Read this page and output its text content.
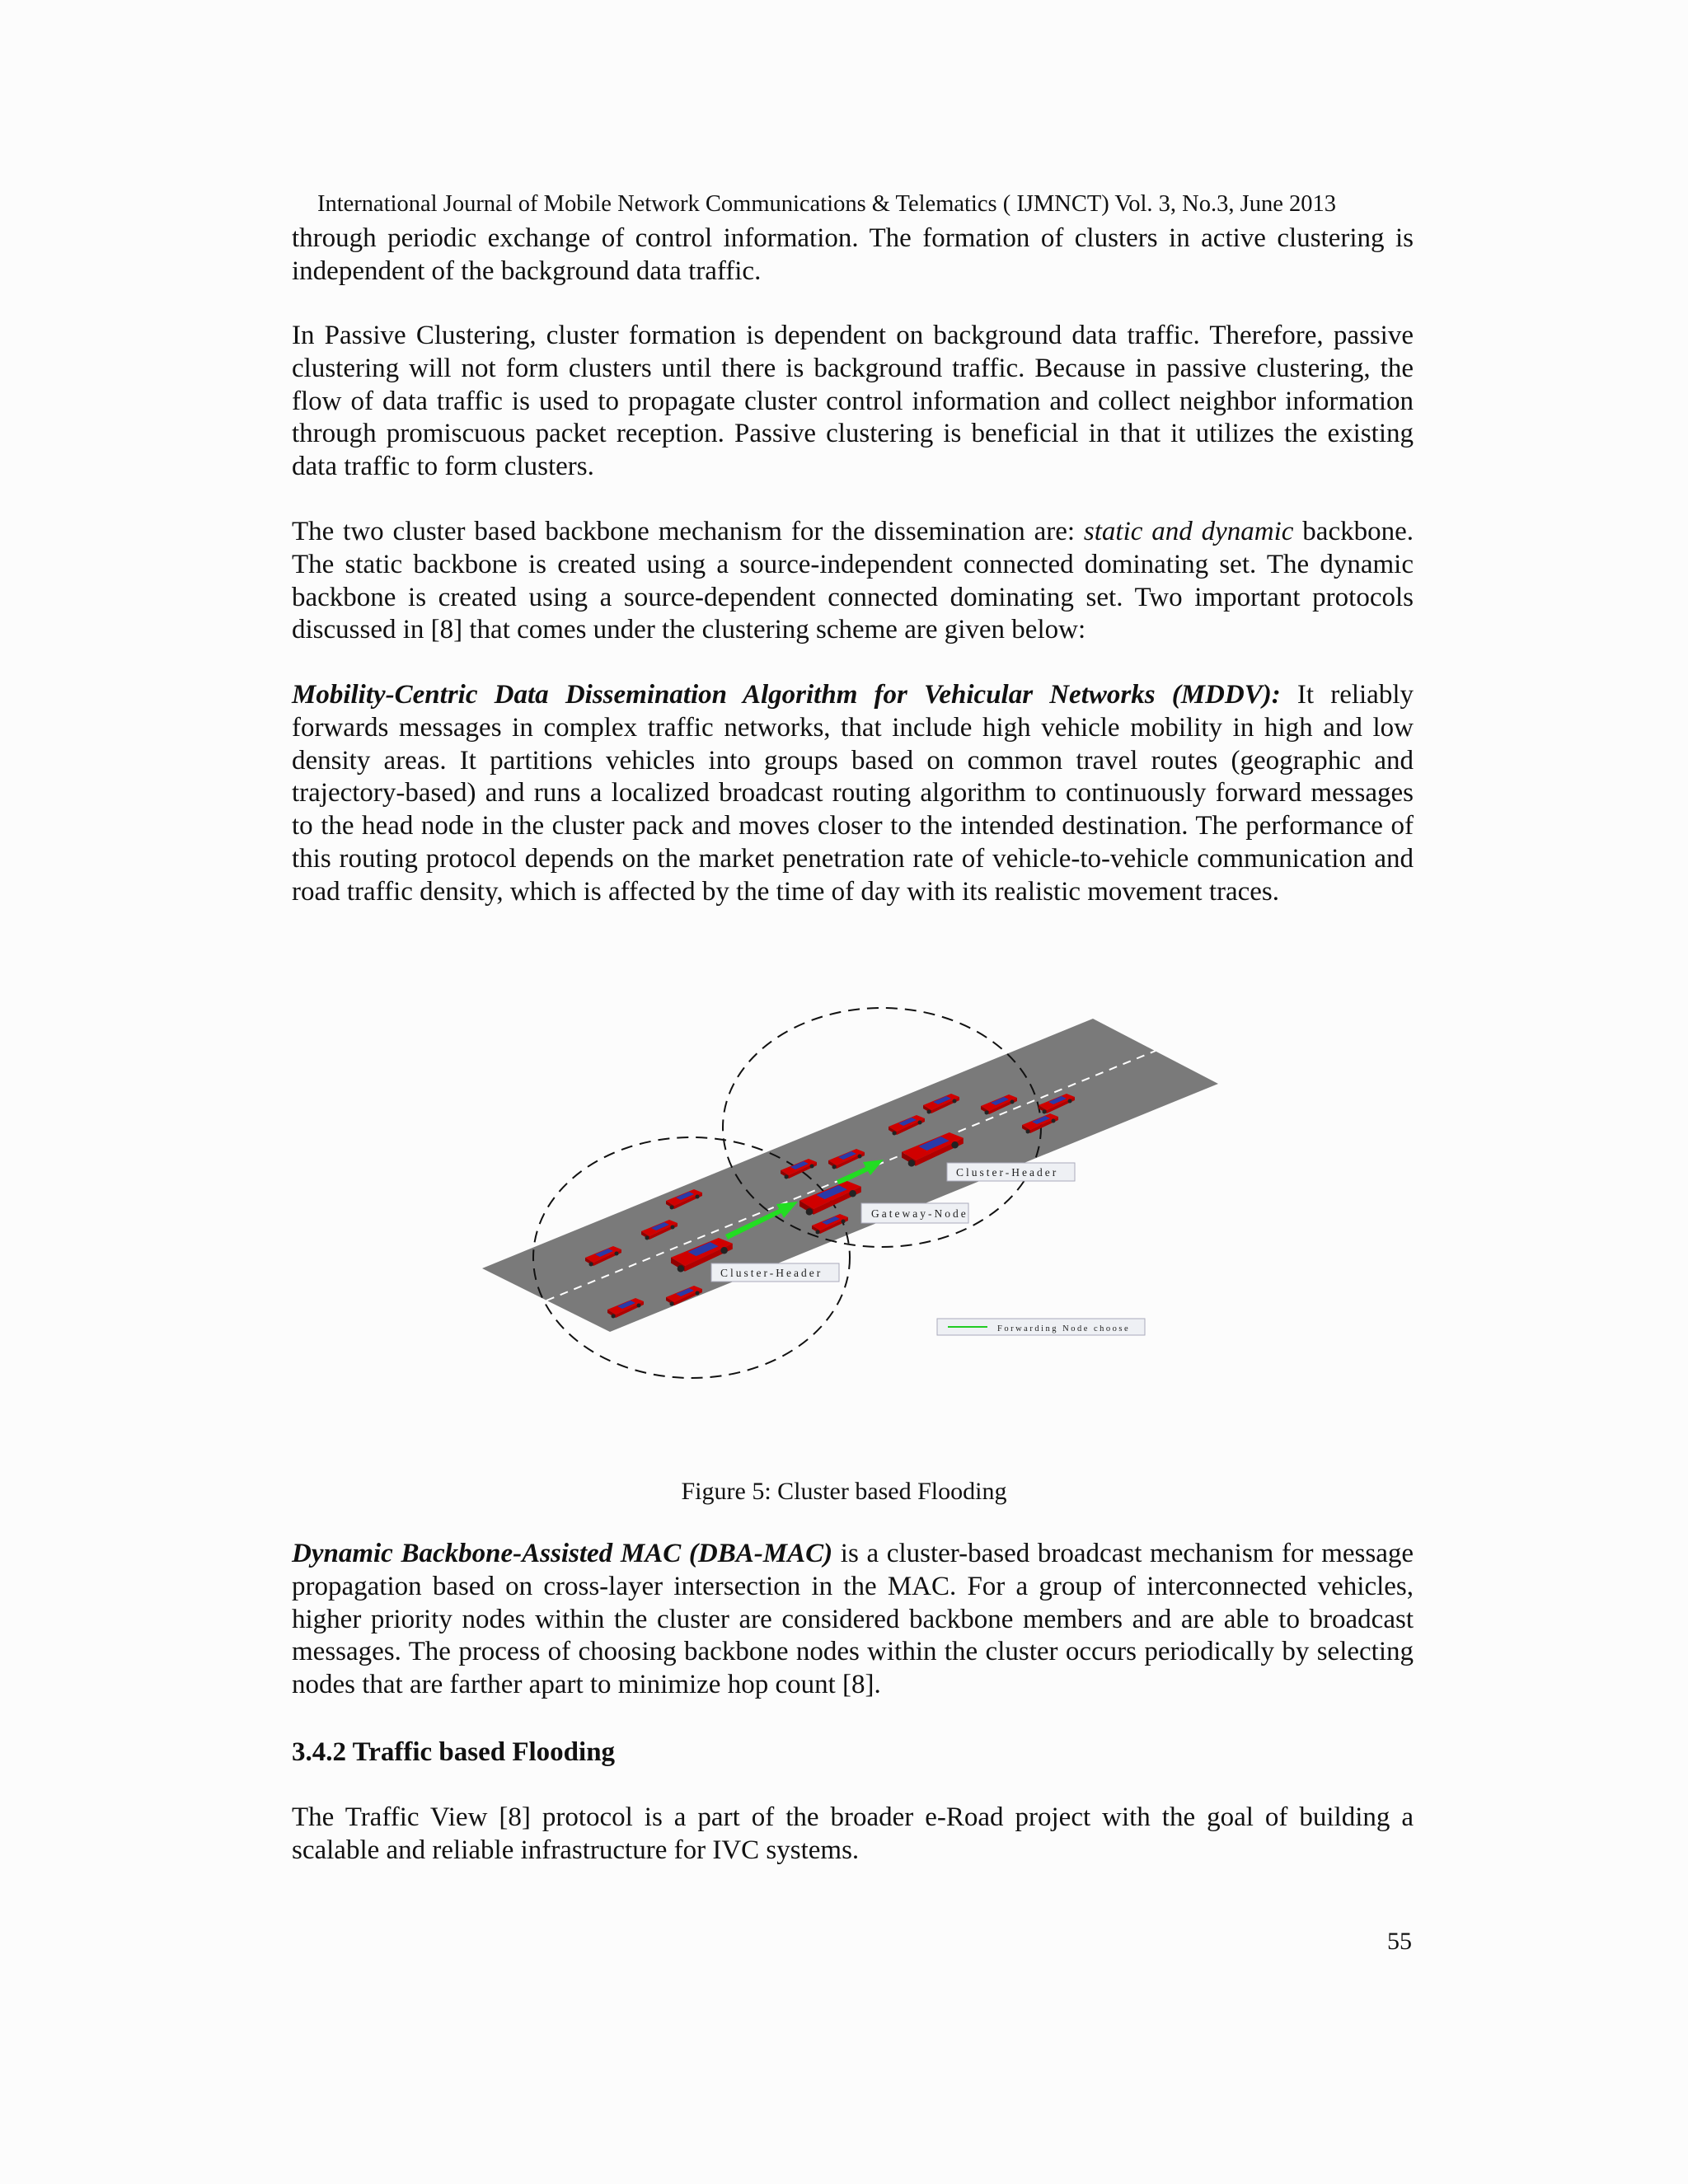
International Journal of Mobile Network Communications & Telematics ( IJMNCT) Vol. 3, No.3, June 2013

through periodic exchange of control information. The formation of clusters in active clustering is independent of the background data traffic.

In Passive Clustering, cluster formation is dependent on background data traffic. Therefore, passive clustering will not form clusters until there is background traffic. Because in passive clustering, the flow of data traffic is used to propagate cluster control information and collect neighbor information through promiscuous packet reception. Passive clustering is beneficial in that it utilizes the existing data traffic to form clusters.

The two cluster based backbone mechanism for the dissemination are: static and dynamic backbone. The static backbone is created using a source-independent connected dominating set. The dynamic backbone is created using a source-dependent connected dominating set. Two important protocols discussed in [8] that comes under the clustering scheme are given below:

Mobility-Centric Data Dissemination Algorithm for Vehicular Networks (MDDV): It reliably forwards messages in complex traffic networks, that include high vehicle mobility in high and low density areas. It partitions vehicles into groups based on common travel routes (geographic and trajectory-based) and runs a localized broadcast routing algorithm to continuously forward messages to the head node in the cluster pack and moves closer to the intended destination. The performance of this routing protocol depends on the market penetration rate of vehicle-to-vehicle communication and road traffic density, which is affected by the time of day with its realistic movement traces.

Cluster-Header
Gateway-Node
Cluster-Header
Forwarding Node choose
Figure 5: Cluster based Flooding

Dynamic Backbone-Assisted MAC (DBA-MAC) is a cluster-based broadcast mechanism for message propagation based on cross-layer intersection in the MAC. For a group of interconnected vehicles, higher priority nodes within the cluster are considered backbone members and are able to broadcast messages. The process of choosing backbone nodes within the cluster occurs periodically by selecting nodes that are farther apart to minimize hop count [8].

3.4.2 Traffic based Flooding

The Traffic View [8] protocol is a part of the broader e-Road project with the goal of building a scalable and reliable infrastructure for IVC systems.

55
